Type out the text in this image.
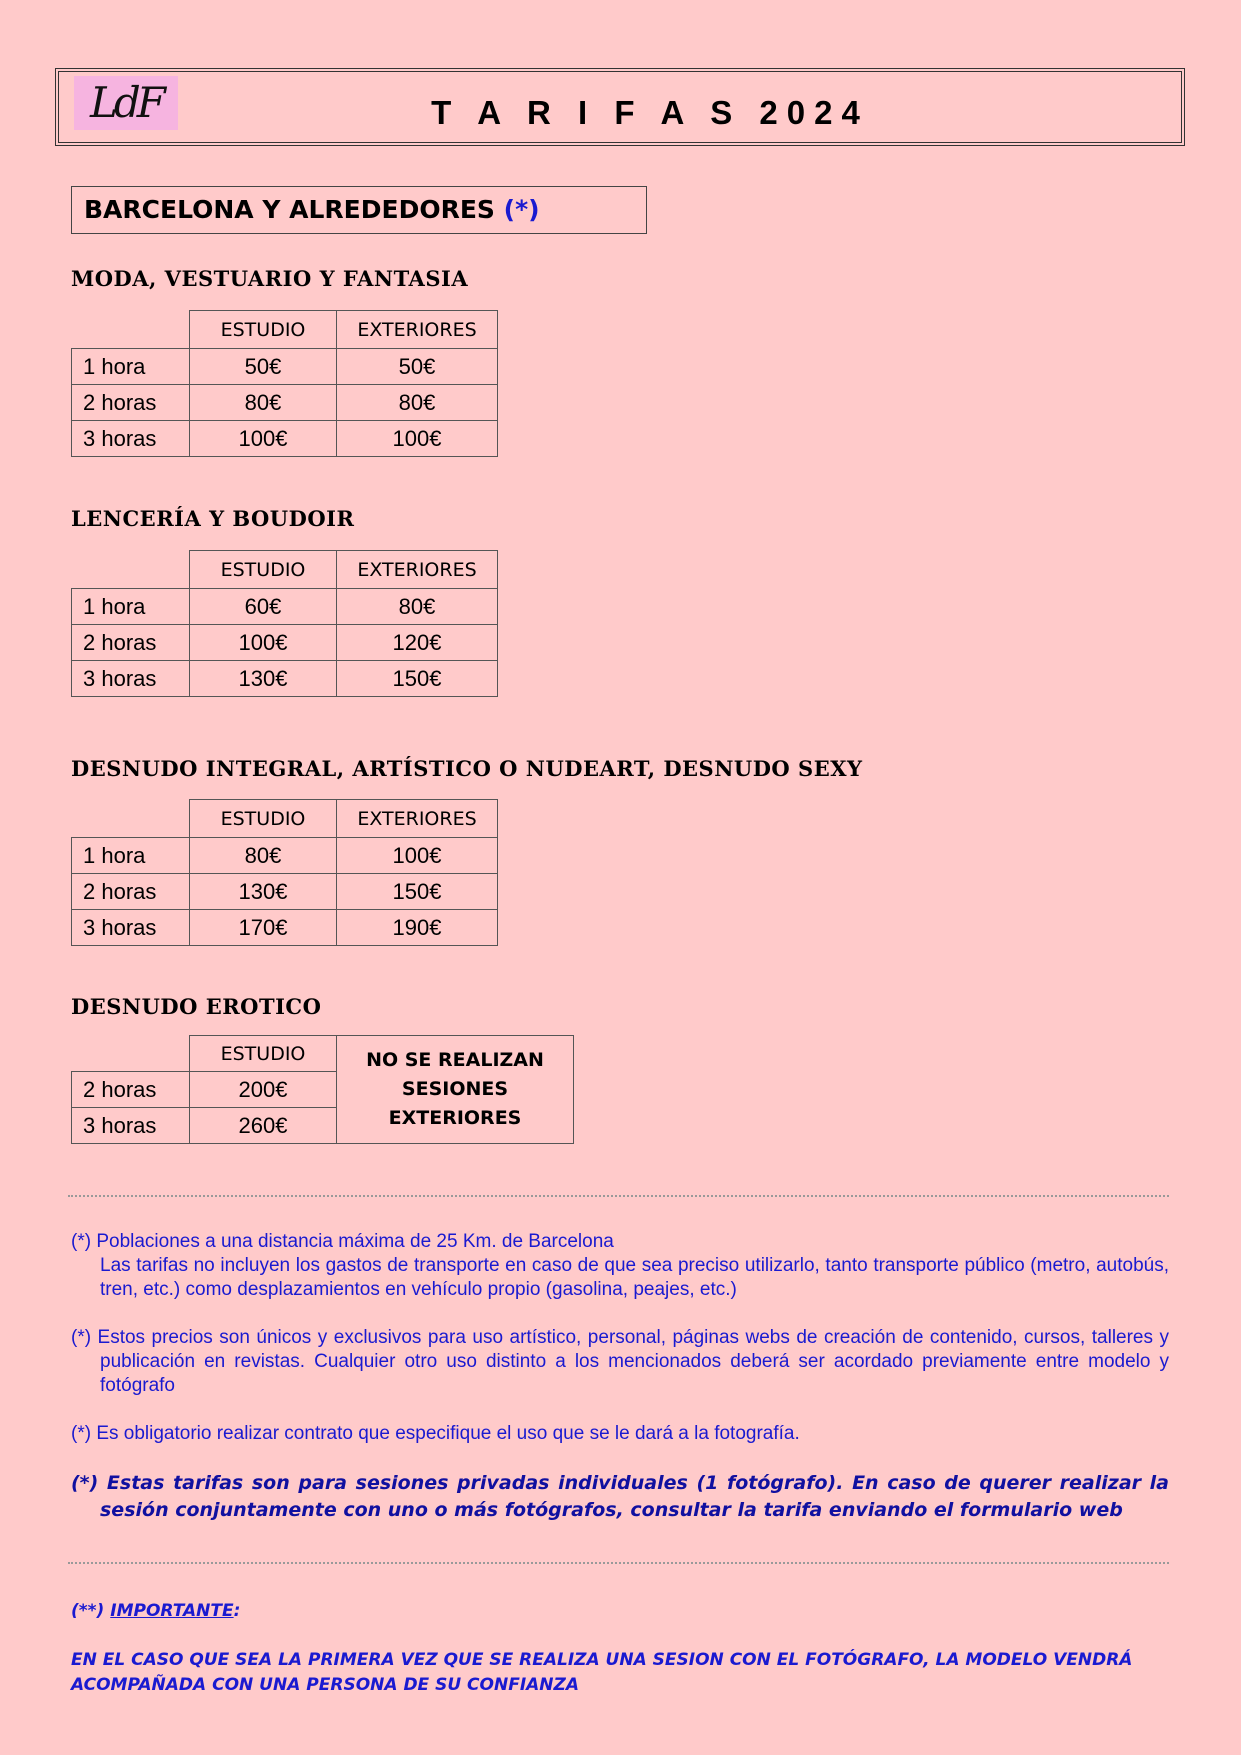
LdF	T A R I F A S 2024
BARCELONA Y ALREDEDORES (*)
MODA, VESTUARIO Y FANTASIA
	ESTUDIO	EXTERIORES
1 hora	50€	50€
2 horas	80€	80€
3 horas	100€	100€
LENCERÍA Y BOUDOIR
	ESTUDIO	EXTERIORES
1 hora	60€	80€
2 horas	100€	120€
3 horas	130€	150€
DESNUDO INTEGRAL, ARTÍSTICO O NUDEART, DESNUDO SEXY
	ESTUDIO	EXTERIORES
1 hora	80€	100€
2 horas	130€	150€
3 horas	170€	190€
DESNUDO EROTICO
	ESTUDIO	NO SE REALIZAN
SESIONES
EXTERIORES

2 horas	200€	
3 horas	260€	

(*) Poblaciones a una distancia máxima de 25 Km. de Barcelona
Las tarifas no incluyen los gastos de transporte en caso de que sea preciso utilizarlo, tanto transporte público (metro, autobús, tren, etc.) como desplazamientos en vehículo propio (gasolina, peajes, etc.)

(*) Estos precios son únicos y exclusivos para uso artístico, personal, páginas webs de creación de contenido, cursos, talleres y publicación en revistas. Cualquier otro uso distinto a los mencionados deberá ser acordado previamente entre modelo y fotógrafo

(*) Es obligatorio realizar contrato que especifique el uso que se le dará a la fotografía.

(*) Estas tarifas son para sesiones privadas individuales (1 fotógrafo). En caso de querer realizar la sesión conjuntamente con uno o más fotógrafos, consultar la tarifa enviando el formulario web

(**) IMPORTANTE:
EN EL CASO QUE SEA LA PRIMERA VEZ QUE SE REALIZA UNA SESION CON EL FOTÓGRAFO, LA MODELO VENDRÁ ACOMPAÑADA CON UNA PERSONA DE SU CONFIANZA
